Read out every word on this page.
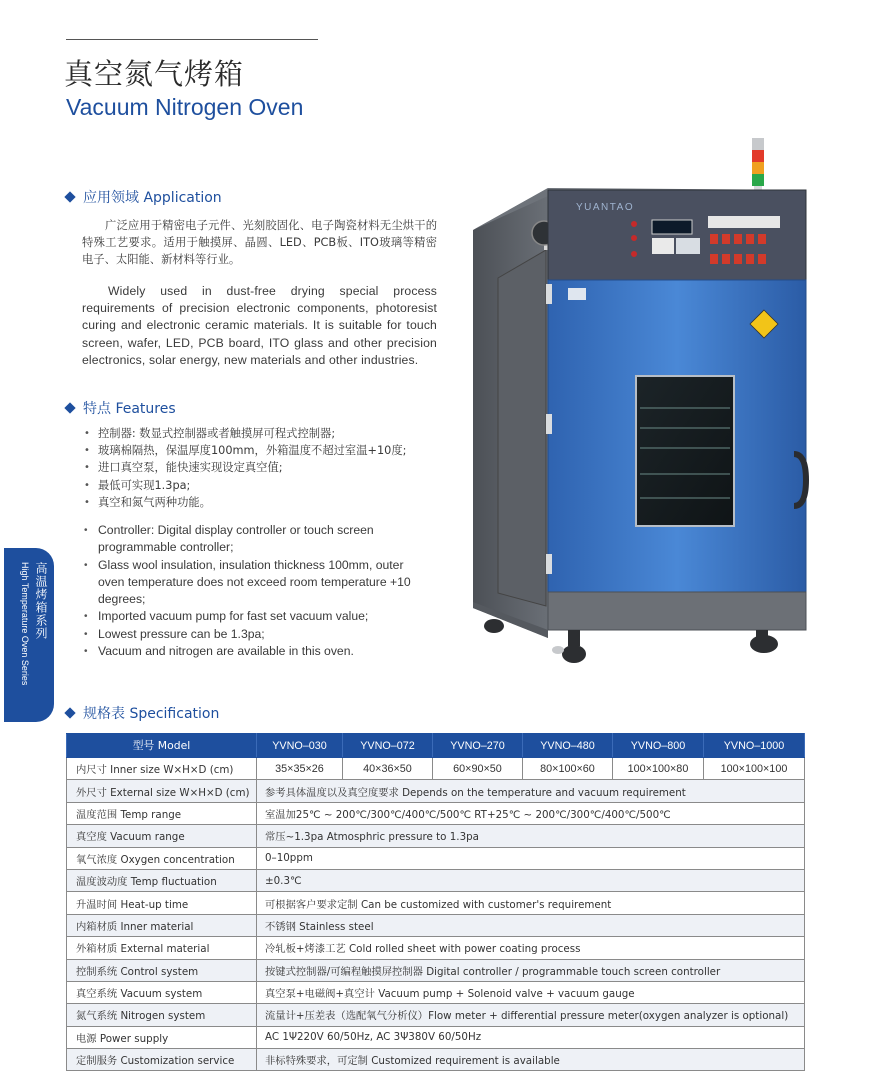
真空氮气烤箱
Vacuum Nitrogen Oven
应用领域 Application
广泛应用于精密电子元件、光刻胶固化、电子陶瓷材料无尘烘干的特殊工艺要求。适用于触摸屏、晶圆、LED、PCB板、ITO玻璃等精密电子、太阳能、新材料等行业。
Widely used in dust-free drying special process requirements of precision electronic components, photoresist curing and electronic ceramic materials. It is suitable for touch screen, wafer, LED, PCB board, ITO glass and other precision electronics, solar energy, new materials and other industries.
特点 Features
• 控制器: 数显式控制器或者触摸屏可程式控制器;
• 玻璃棉隔热，保温厚度100mm，外箱温度不超过室温+10度;
• 进口真空泵，能快速实现设定真空值;
• 最低可实现1.3pa;
• 真空和氮气两种功能。
• Controller: Digital display controller or touch screen programmable controller;
• Glass wool insulation, insulation thickness 100mm, outer oven temperature does not exceed room temperature +10 degrees;
• Imported vacuum pump for fast set vacuum value;
• Lowest pressure can be 1.3pa;
• Vacuum and nitrogen are available in this oven.
High Temperature Oven Series 高温烤箱系列
YUANTAO
规格表 Specification
型号 Model	YVNO–030	YVNO–072	YVNO–270	YVNO–480	YVNO–800	YVNO–1000
内尺寸 Inner size W×H×D (cm)	35×35×26	40×36×50	60×90×50	80×100×60	100×100×80	100×100×100
外尺寸 External size W×H×D (cm)	参考具体温度以及真空度要求 Depends on the temperature and vacuum requirement					
温度范围 Temp range	室温加25℃ ~ 200℃/300℃/400℃/500℃ RT+25℃ ~ 200℃/300℃/400℃/500℃					
真空度 Vacuum range	常压~1.3pa Atmosphric pressure to 1.3pa					
氧气浓度 Oxygen concentration	0–10ppm					
温度波动度 Temp fluctuation	±0.3℃					
升温时间 Heat-up time	可根据客户要求定制 Can be customized with customer's requirement					
内箱材质 Inner material	不锈钢 Stainless steel					
外箱材质 External material	冷轧板+烤漆工艺 Cold rolled sheet with power coating process					
控制系统 Control system	按键式控制器/可编程触摸屏控制器 Digital controller / programmable touch screen controller					
真空系统 Vacuum system	真空泵+电磁阀+真空计 Vacuum pump + Solenoid valve + vacuum gauge					
氮气系统 Nitrogen system	流量计+压差表（选配氧气分析仪）Flow meter + differential pressure meter(oxygen analyzer is optional)					
电源 Power supply	AC 1Ψ220V 60/50Hz, AC 3Ψ380V 60/50Hz					
定制服务 Customization service	非标特殊要求，可定制 Customized requirement is available					
